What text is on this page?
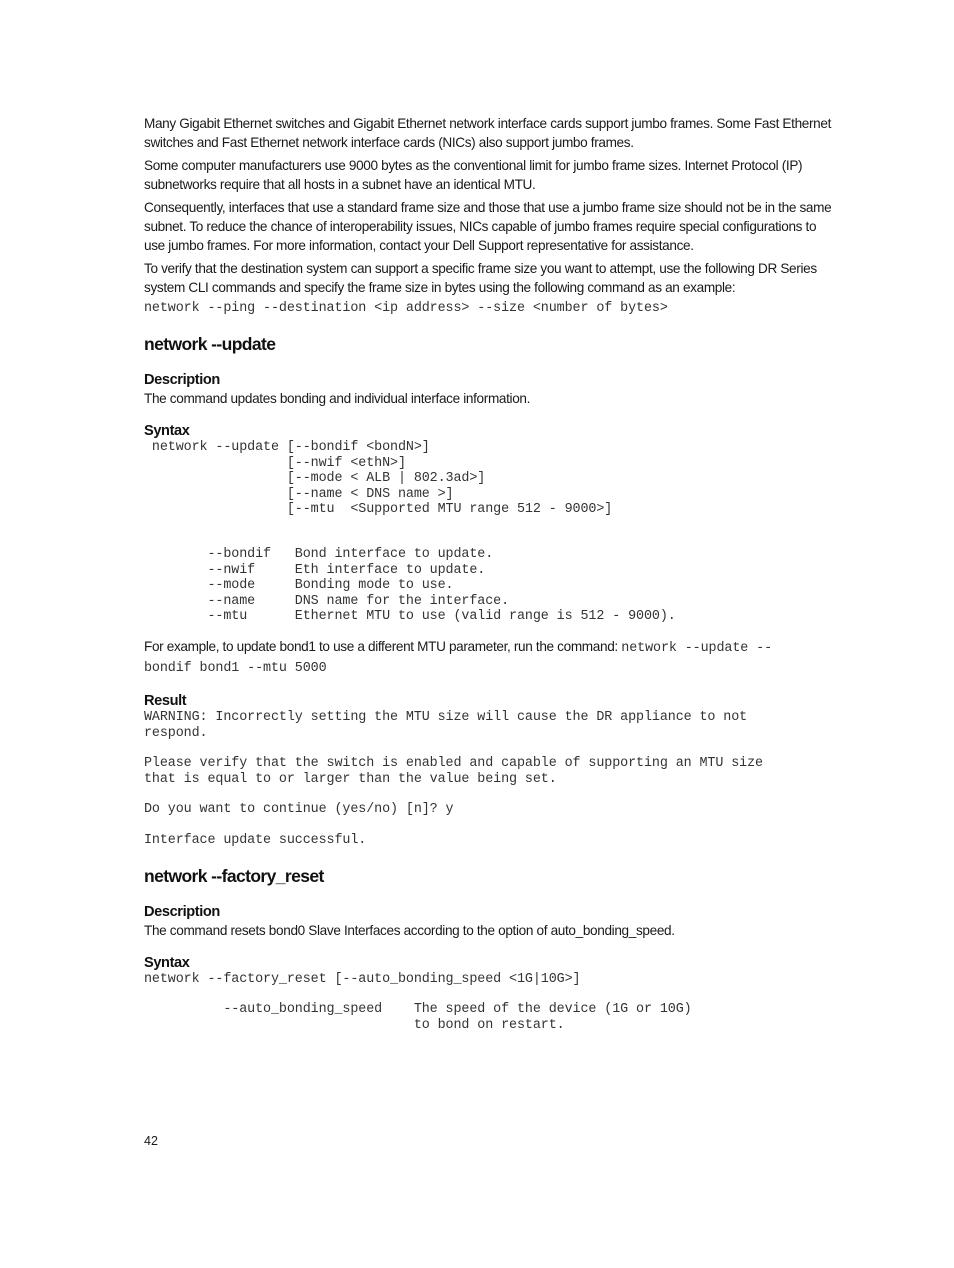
Many Gigabit Ethernet switches and Gigabit Ethernet network interface cards support jumbo frames. Some Fast Ethernet switches and Fast Ethernet network interface cards (NICs) also support jumbo frames.

Some computer manufacturers use 9000 bytes as the conventional limit for jumbo frame sizes. Internet Protocol (IP) subnetworks require that all hosts in a subnet have an identical MTU.

Consequently, interfaces that use a standard frame size and those that use a jumbo frame size should not be in the same subnet. To reduce the chance of interoperability issues, NICs capable of jumbo frames require special configurations to use jumbo frames. For more information, contact your Dell Support representative for assistance.

To verify that the destination system can support a specific frame size you want to attempt, use the following DR Series system CLI commands and specify the frame size in bytes using the following command as an example:

network --ping --destination <ip address> --size <number of bytes>
network --update
Description

The command updates bonding and individual interface information.

Syntax
network --update [--bondif <bondN>]
[--nwif <ethN>]
[--mode < ALB | 802.3ad>]
[--name < DNS name >]
[--mtu  <Supported MTU range 512 - 9000>]
--bondif   Bond interface to update.
--nwif     Eth interface to update.
--mode     Bonding mode to use.
--name     DNS name for the interface.
--mtu      Ethernet MTU to use (valid range is 512 - 9000).

For example, to update bond1 to use a different MTU parameter, run the command: network --update --
bondif bond1 --mtu 5000

Result
WARNING: Incorrectly setting the MTU size will cause the DR appliance to not
respond.
Please verify that the switch is enabled and capable of supporting an MTU size
that is equal to or larger than the value being set.
Do you want to continue (yes/no) [n]? y
Interface update successful.
network --factory_reset
Description

The command resets bond0 Slave Interfaces according to the option of auto_bonding_speed.

Syntax
network --factory_reset [--auto_bonding_speed <1G|10G>]
--auto_bonding_speed    The speed of the device (1G or 10G)
to bond on restart.
42
